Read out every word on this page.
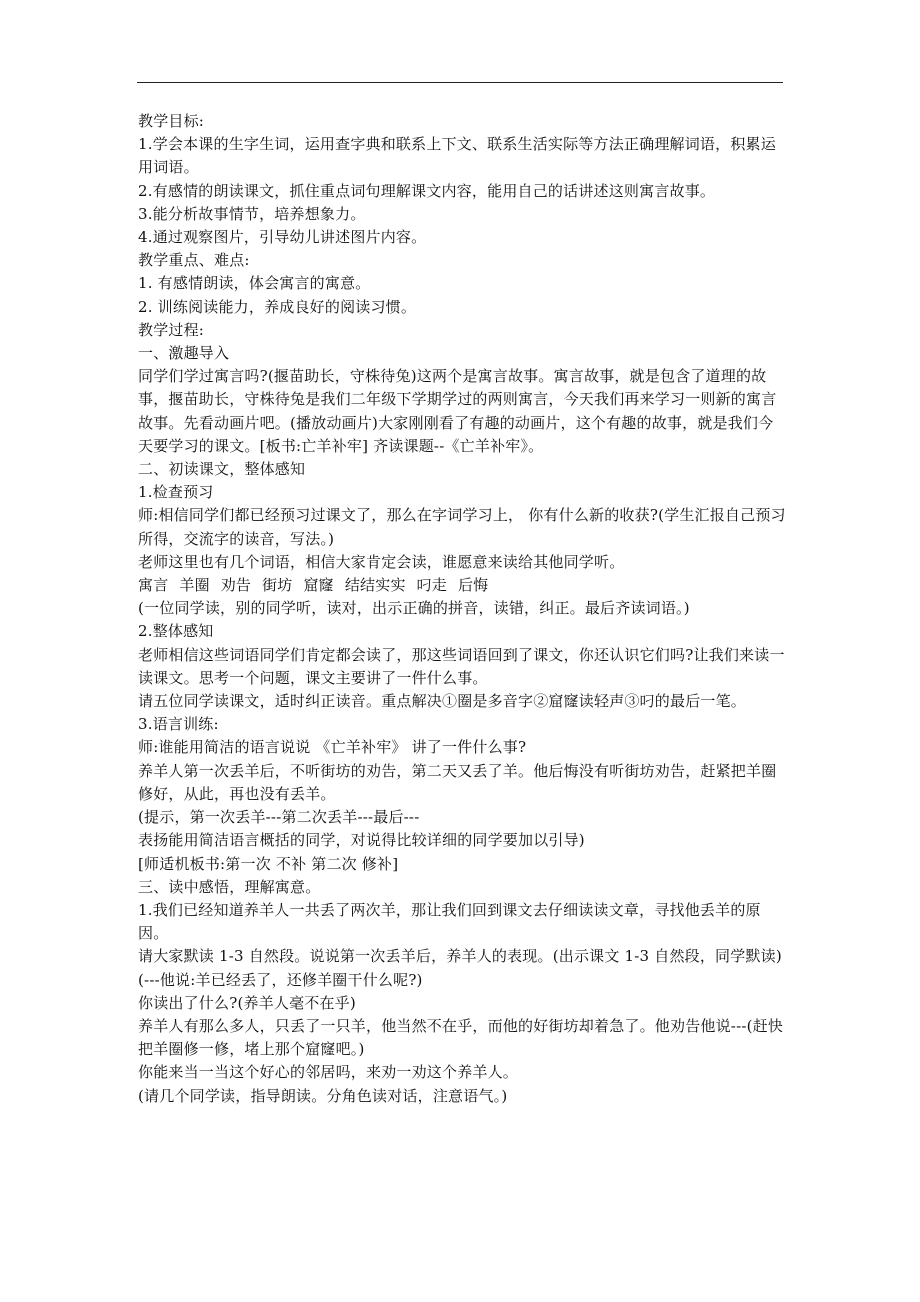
教学目标:

1.学会本课的生字生词，运用查字典和联系上下文、联系生活实际等方法正确理解词语，积累运用词语。

2.有感情的朗读课文，抓住重点词句理解课文内容，能用自己的话讲述这则寓言故事。

3.能分析故事情节，培养想象力。

4.通过观察图片，引导幼儿讲述图片内容。

教学重点、难点:

1. 有感情朗读，体会寓言的寓意。

2. 训练阅读能力，养成良好的阅读习惯。

教学过程:

一、激趣导入

同学们学过寓言吗?(揠苗助长，守株待兔)这两个是寓言故事。寓言故事，就是包含了道理的故事，揠苗助长，守株待兔是我们二年级下学期学过的两则寓言，今天我们再来学习一则新的寓言故事。先看动画片吧。(播放动画片)大家刚刚看了有趣的动画片，这个有趣的故事，就是我们今天要学习的课文。[板书:亡羊补牢] 齐读课题--《亡羊补牢》。

二、初读课文，整体感知

1.检查预习

师:相信同学们都已经预习过课文了，那么在字词学习上， 你有什么新的收获?(学生汇报自己预习所得，交流字的读音，写法。)

老师这里也有几个词语，相信大家肯定会读，谁愿意来读给其他同学听。

寓言 羊圈 劝告 街坊 窟窿 结结实实 叼走 后悔

(一位同学读，别的同学听，读对，出示正确的拼音，读错，纠正。最后齐读词语。)

2.整体感知

老师相信这些词语同学们肯定都会读了，那这些词语回到了课文，你还认识它们吗?让我们来读一读课文。思考一个问题，课文主要讲了一件什么事。

请五位同学读课文，适时纠正读音。重点解决①圈是多音字②窟窿读轻声③叼的最后一笔。

3.语言训练:

师:谁能用简洁的语言说说 《亡羊补牢》 讲了一件什么事?

养羊人第一次丢羊后，不听街坊的劝告，第二天又丢了羊。他后悔没有听街坊劝告，赶紧把羊圈修好，从此，再也没有丢羊。

(提示，第一次丢羊---第二次丢羊---最后---

表扬能用简洁语言概括的同学，对说得比较详细的同学要加以引导)

[师适机板书:第一次 不补 第二次 修补]

三、读中感悟，理解寓意。

1.我们已经知道养羊人一共丢了两次羊，那让我们回到课文去仔细读读文章，寻找他丢羊的原因。

请大家默读 1-3 自然段。说说第一次丢羊后，养羊人的表现。(出示课文 1-3 自然段，同学默读)

(---他说:羊已经丢了，还修羊圈干什么呢?)

你读出了什么?(养羊人毫不在乎)

养羊人有那么多人，只丢了一只羊，他当然不在乎，而他的好街坊却着急了。他劝告他说---(赶快把羊圈修一修，堵上那个窟窿吧。)

你能来当一当这个好心的邻居吗，来劝一劝这个养羊人。

(请几个同学读，指导朗读。分角色读对话，注意语气。)
